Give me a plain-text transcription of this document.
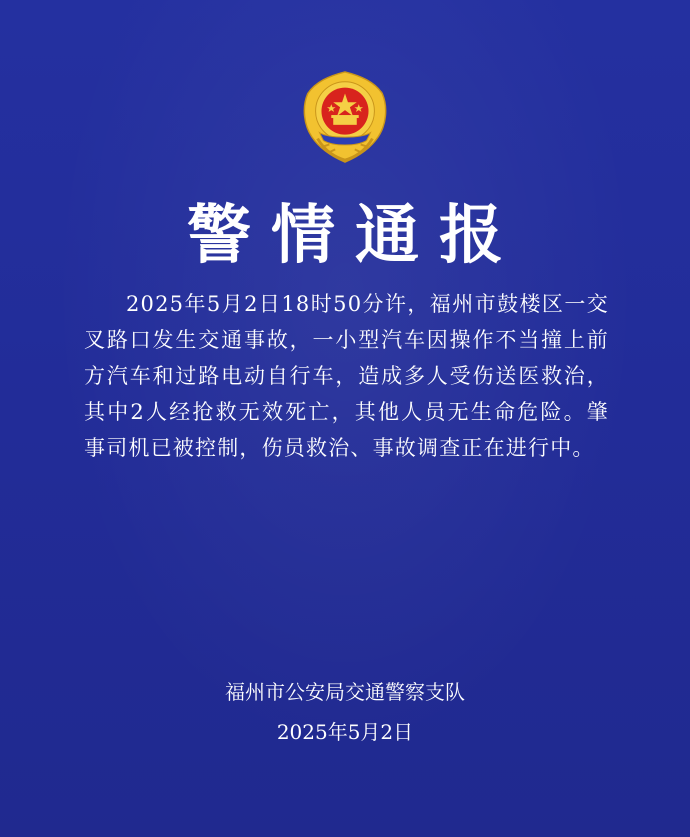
警情通报

2025年5月2日18时50分许，福州市鼓楼区一交叉路口发生交通事故，一小型汽车因操作不当撞上前方汽车和过路电动自行车，造成多人受伤送医救治，其中2人经抢救无效死亡，其他人员无生命危险。肇事司机已被控制，伤员救治、事故调查正在进行中。

福州市公安局交通警察支队
2025年5月2日
